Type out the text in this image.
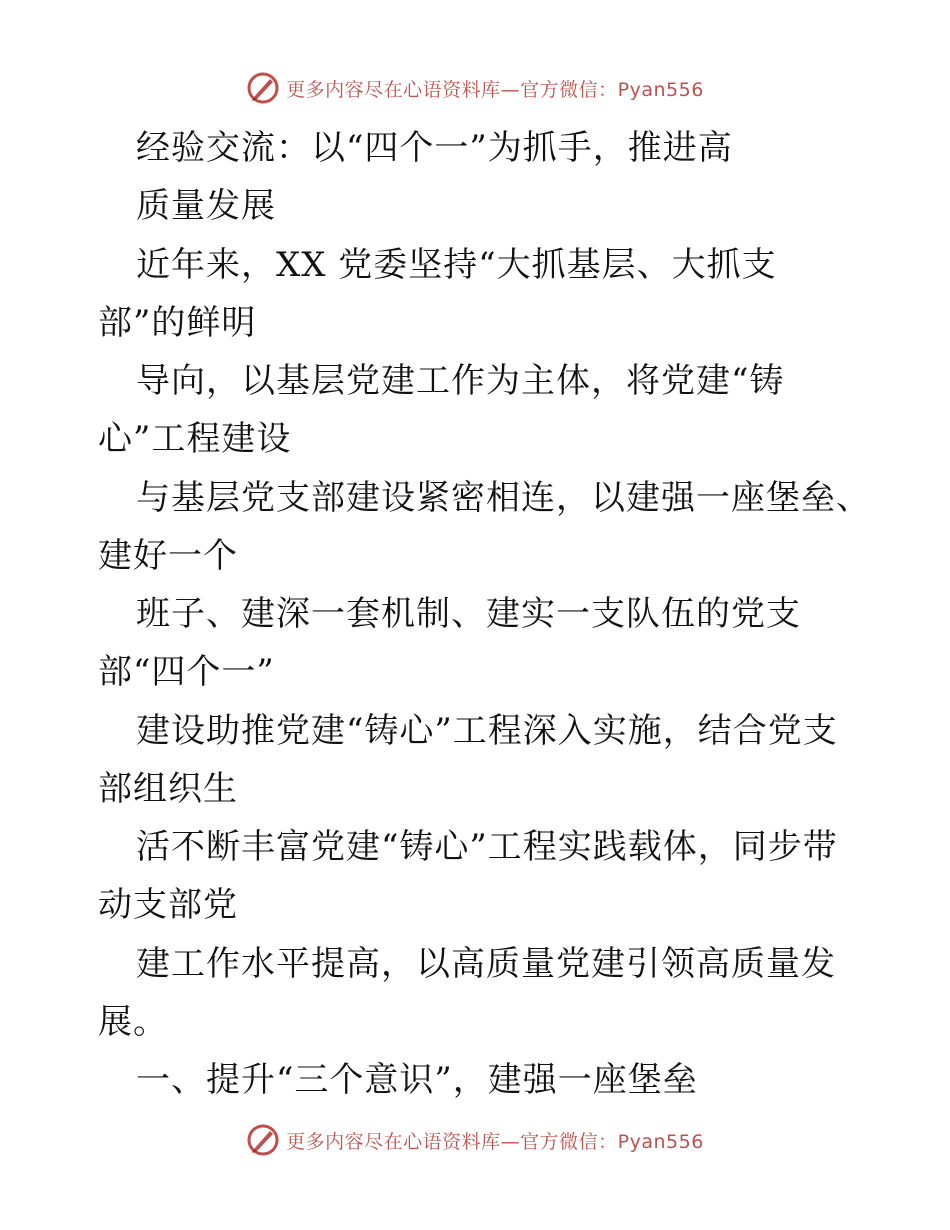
更多内容尽在心语资料库—官方微信：Pyan556
经验交流：以“四个一”为抓手，推进高
质量发展
近年来，XX 党委坚持“大抓基层、大抓支
部”的鲜明
导向，以基层党建工作为主体，将党建“铸
心”工程建设
与基层党支部建设紧密相连，以建强一座堡垒、
建好一个
班子、建深一套机制、建实一支队伍的党支
部“四个一”
建设助推党建“铸心”工程深入实施，结合党支
部组织生
活不断丰富党建“铸心”工程实践载体，同步带
动支部党
建工作水平提高，以高质量党建引领高质量发
展。
一、提升“三个意识”，建强一座堡垒
更多内容尽在心语资料库—官方微信：Pyan556
